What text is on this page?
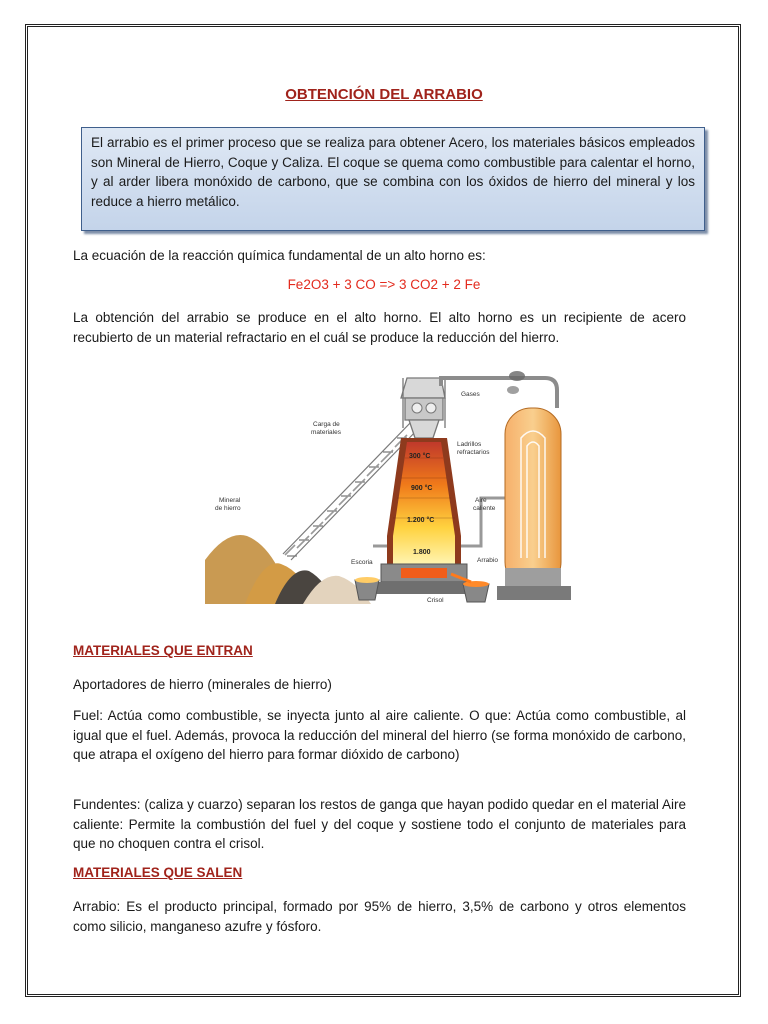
OBTENCIÓN DEL ARRABIO
El arrabio es el primer proceso que se realiza para obtener Acero, los materiales básicos empleados son Mineral de Hierro, Coque y Caliza. El coque se quema como combustible para calentar el horno, y al arder libera monóxido de carbono, que se combina con los óxidos de hierro del mineral y los reduce a hierro metálico.
La ecuación de la reacción química fundamental de un alto horno es:
Fe2O3 + 3 CO => 3 CO2 + 2 Fe
La obtención del arrabio se produce en el alto horno. El alto horno es un recipiente de acero recubierto de un material refractario en el cuál se produce la reducción del hierro.
Gases
Carga de
materiales
Ladrillos
refractarios
Mineral
de hierro
Aire
caliente
Arrabio
Escoria
Crisol
300 °C
900 °C
1.200 °C
1.800
MATERIALES QUE ENTRAN
Aportadores de hierro (minerales de hierro)
Fuel: Actúa como combustible, se inyecta junto al aire caliente. O que: Actúa como combustible, al igual que el fuel. Además, provoca la reducción del mineral del hierro (se forma monóxido de carbono, que atrapa el oxígeno del hierro para formar dióxido de carbono)
Fundentes: (caliza y cuarzo) separan los restos de ganga que hayan podido quedar en el material Aire caliente: Permite la combustión del fuel y del coque y sostiene todo el conjunto de materiales para que no choquen contra el crisol.
MATERIALES QUE SALEN
Arrabio: Es el producto principal, formado por 95% de hierro, 3,5% de carbono y otros elementos como silicio, manganeso azufre y fósforo.
